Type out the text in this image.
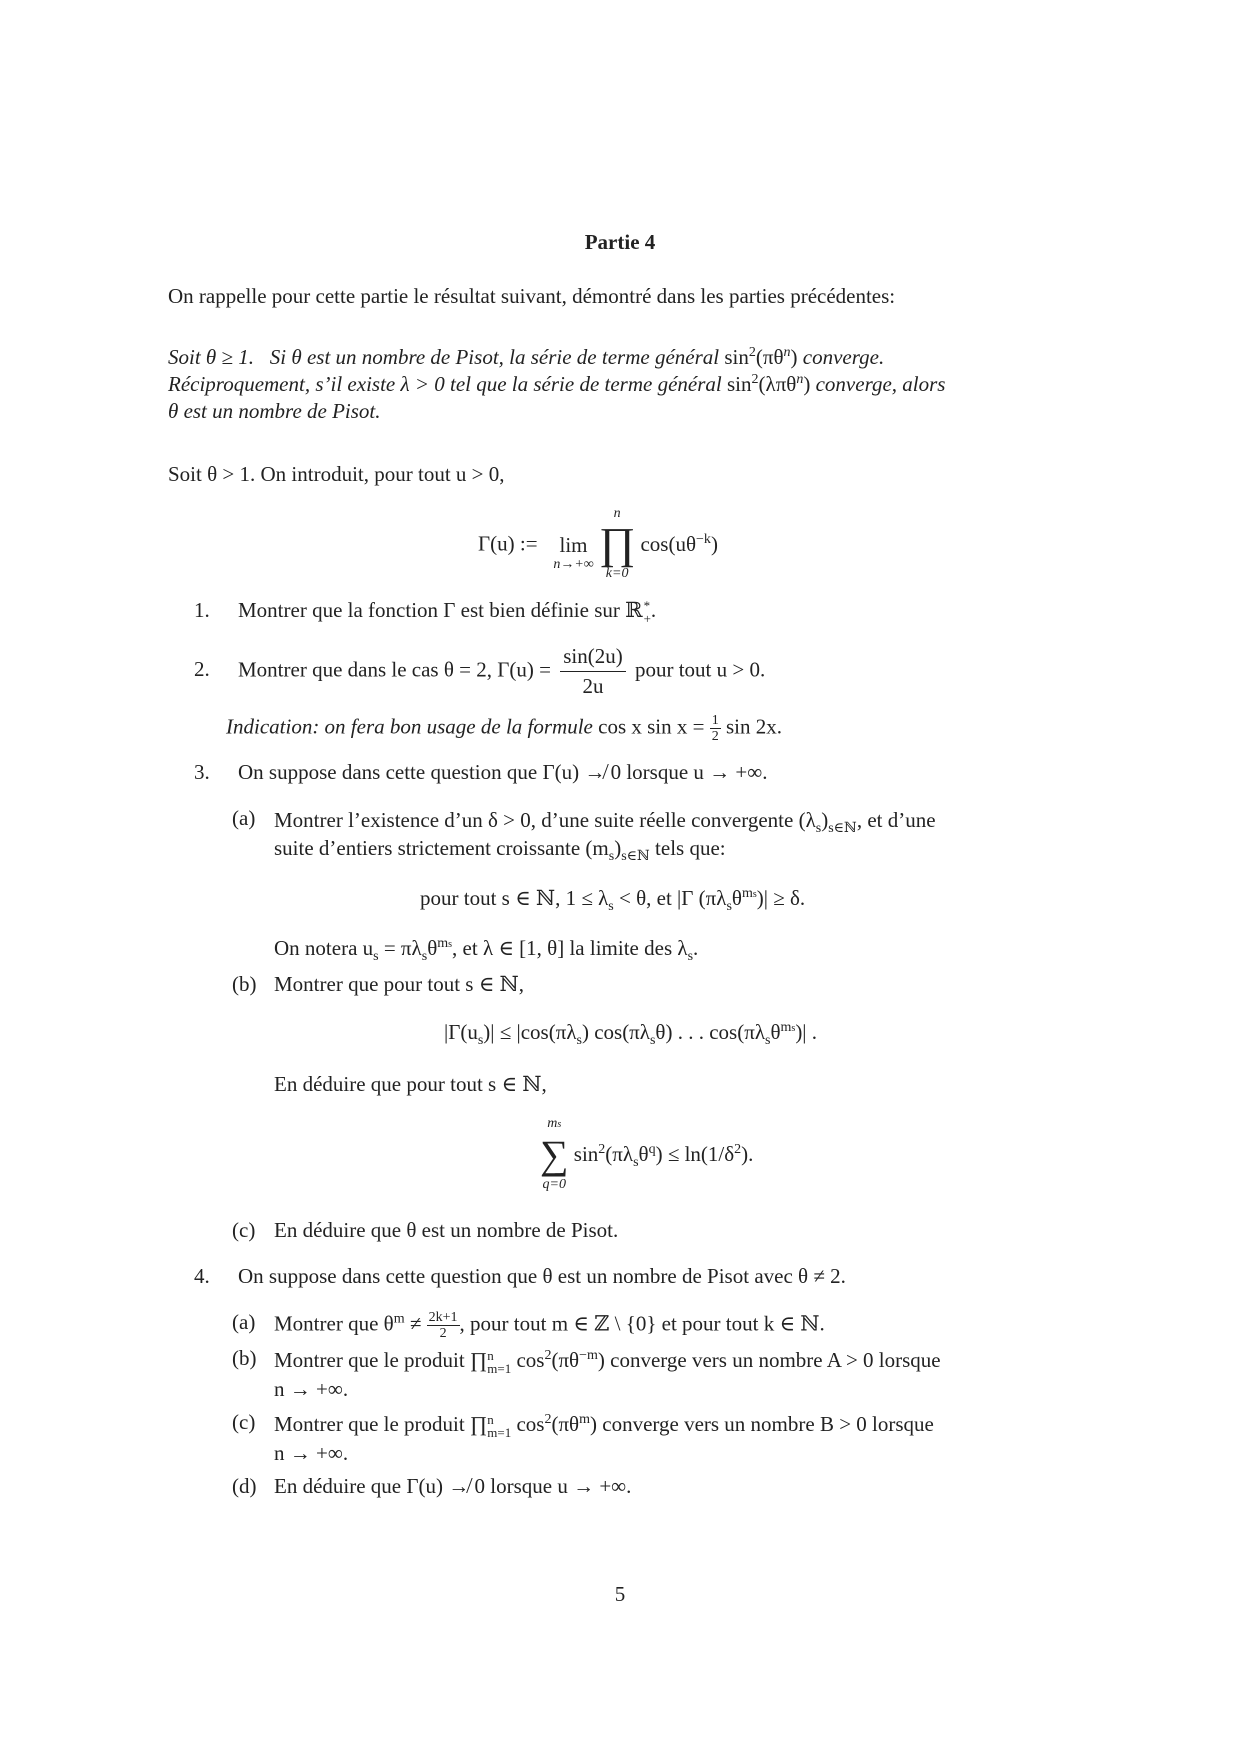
Partie 4
On rappelle pour cette partie le résultat suivant, démontré dans les parties précédentes:
Soit θ ≥ 1. Si θ est un nombre de Pisot, la série de terme général $\sin^2(\pi\theta^n)$ converge.
Réciproquement, s’il existe λ > 0 tel que la série de terme général $\sin^2(\lambda\pi\theta^n)$ converge, alors
θ est un nombre de Pisot.
Soit θ > 1. On introduit, pour tout u > 0,
Γ(u) := lim
n→+∞

n
∏
k=0
$\cos(u\theta^{-k})$
1. Montrer que la fonction Γ est bien définie sur ℝ *
+ .
2. Montrer que dans le cas θ = 2, $\Gamma(u) = \frac{\sin(2u)}{2u}$ pour tout u > 0.
Indication: on fera bon usage de la formule cos x $\sin x = \frac{1}{2}$ sin 2x.
3. On suppose dans cette question que Γ(u) ↛ 0 lorsque u → +∞.
(a) Montrer l’existence d’un δ > 0, d’une suite réelle convergente $(\lambda_s)_{s\in ℕ}$, et d’une
suite d’entiers strictement croissante $(m_s)_{s\in ℕ}$ tels que:
pour tout s ∈ ℕ, $1 \le \lambda_s < \theta$, et |Γ $(\pi\lambda_s\theta^{ms})| \ge \delta$.
On notera $u_s = \pi\lambda_s\theta^{ms}$, et λ ∈ [1, θ] la limite des $\lambda_s$.
(b) Montrer que pour tout s ∈ ℕ,
$|\Gamma(u_s)| \le |\cos(\pi\lambda_s)$ $\cos(\pi\lambda_s\theta)$ . . . $\cos(\pi\lambda_s\theta^{ms})|$ .
En déduire que pour tout s ∈ ℕ,
ms
∑
q=0
$\sin^2(\pi\lambda_s\theta^q) \le \ln(1/\delta^2)$.
(c) En déduire que θ est un nombre de Pisot.
4. On suppose dans cette question que θ est un nombre de Pisot avec θ ≠ 2.
(a) Montrer que $\theta^m \ne \frac{2k+1}{2}$, pour tout m ∈ ℤ \ {0} et pour tout k ∈ ℕ.
(b) Montrer que le produit ∏ n
m=1 $\cos^2(\pi\theta^{-m})$ converge vers un nombre A > 0 lorsque
n → +∞.
(c) Montrer que le produit ∏ n
m=1 $\cos^2(\pi\theta^m)$ converge vers un nombre B > 0 lorsque
n → +∞.
(d) En déduire que Γ(u) ↛ 0 lorsque u → +∞.
5
